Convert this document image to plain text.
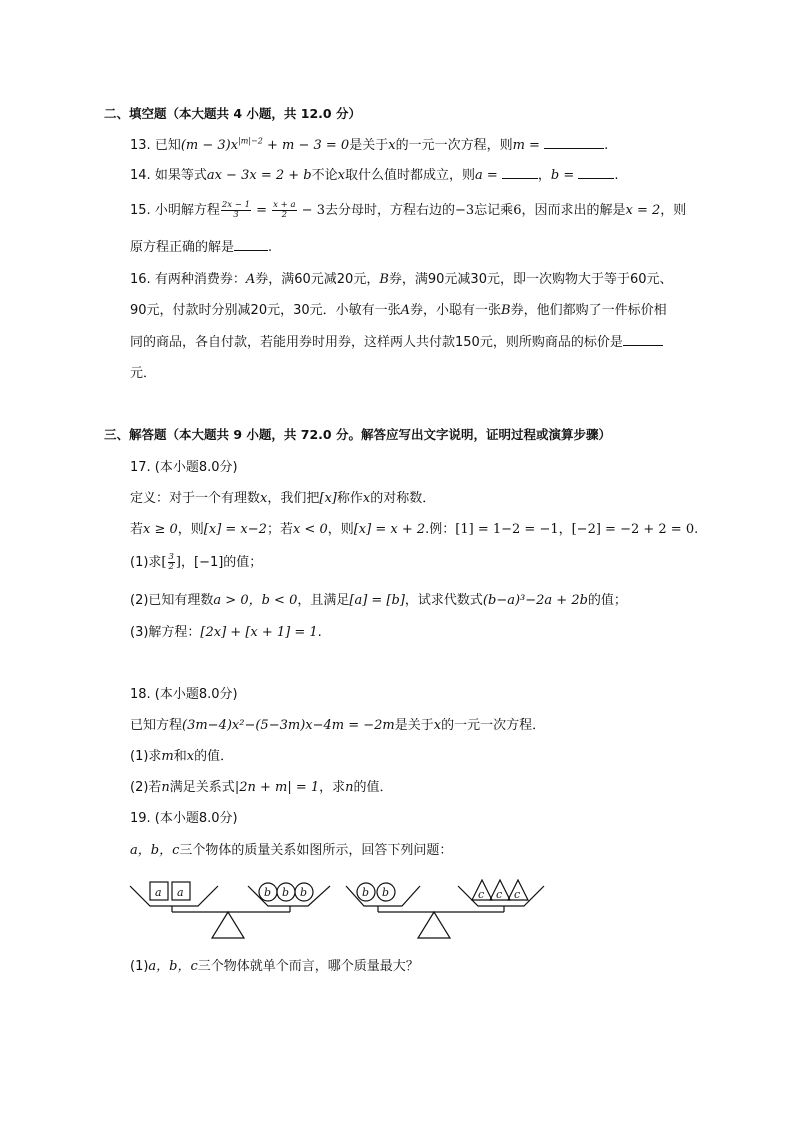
二、填空题（本大题共 4 小题，共 12.0 分）
13. 已知$(m - 3)x^{|m|-2} + m - 3 = 0$是关于x的一元一次方程，则m =	.
14. 如果等式ax − 3x = 2 + b不论x取什么值时都成立，则a =	，b =	.
15. 小明解方程 $\frac{2x - 1}{3} = \frac{x + a}{2} - 3$去分母时，方程右边的−3忘记乘6，因而求出的解是x = 2，则
原方程正确的解是	.
16. 有两种消费券：A券，满60元减20元，B券，满90元减30元，即一次购物大于等于60元、
90元，付款时分别减20元，30元．小敏有一张A券，小聪有一张B券，他们都购了一件标价相
同的商品，各自付款，若能用券时用券，这样两人共付款150元，则所购商品的标价是
元．
三、解答题（本大题共 9 小题，共 72.0 分。解答应写出文字说明，证明过程或演算步骤）
17. (本小题8.0分)
定义：对于一个有理数x，我们把[x]称作x的对称数．
若x ≥ 0，则[x] = x−2；若x < 0，则[x] = x + 2.例：[1] = 1−2 = −1，[−2] = −2 + 2 = 0.
(1)求[ $\frac{3}{2}$ ]，[−1]的值；
(2)已知有理数a > 0，b < 0，且满足[a] = [b]，试求代数式(b−a)³−2a + 2b的值；
(3)解方程：[2x] + [x + 1] = 1.
18. (本小题8.0分)
已知方程(3m−4)x²−(5−3m)x−4m = −2m是关于x的一元一次方程．
(1)求m和x的值．
(2)若n满足关系式|2n + m| = 1，求n的值．
19. (本小题8.0分)
a，b，c三个物体的质量关系如图所示，回答下列问题：
a a	b b b	b b	c c c
(1)a，b，c三个物体就单个而言，哪个质量最大？
